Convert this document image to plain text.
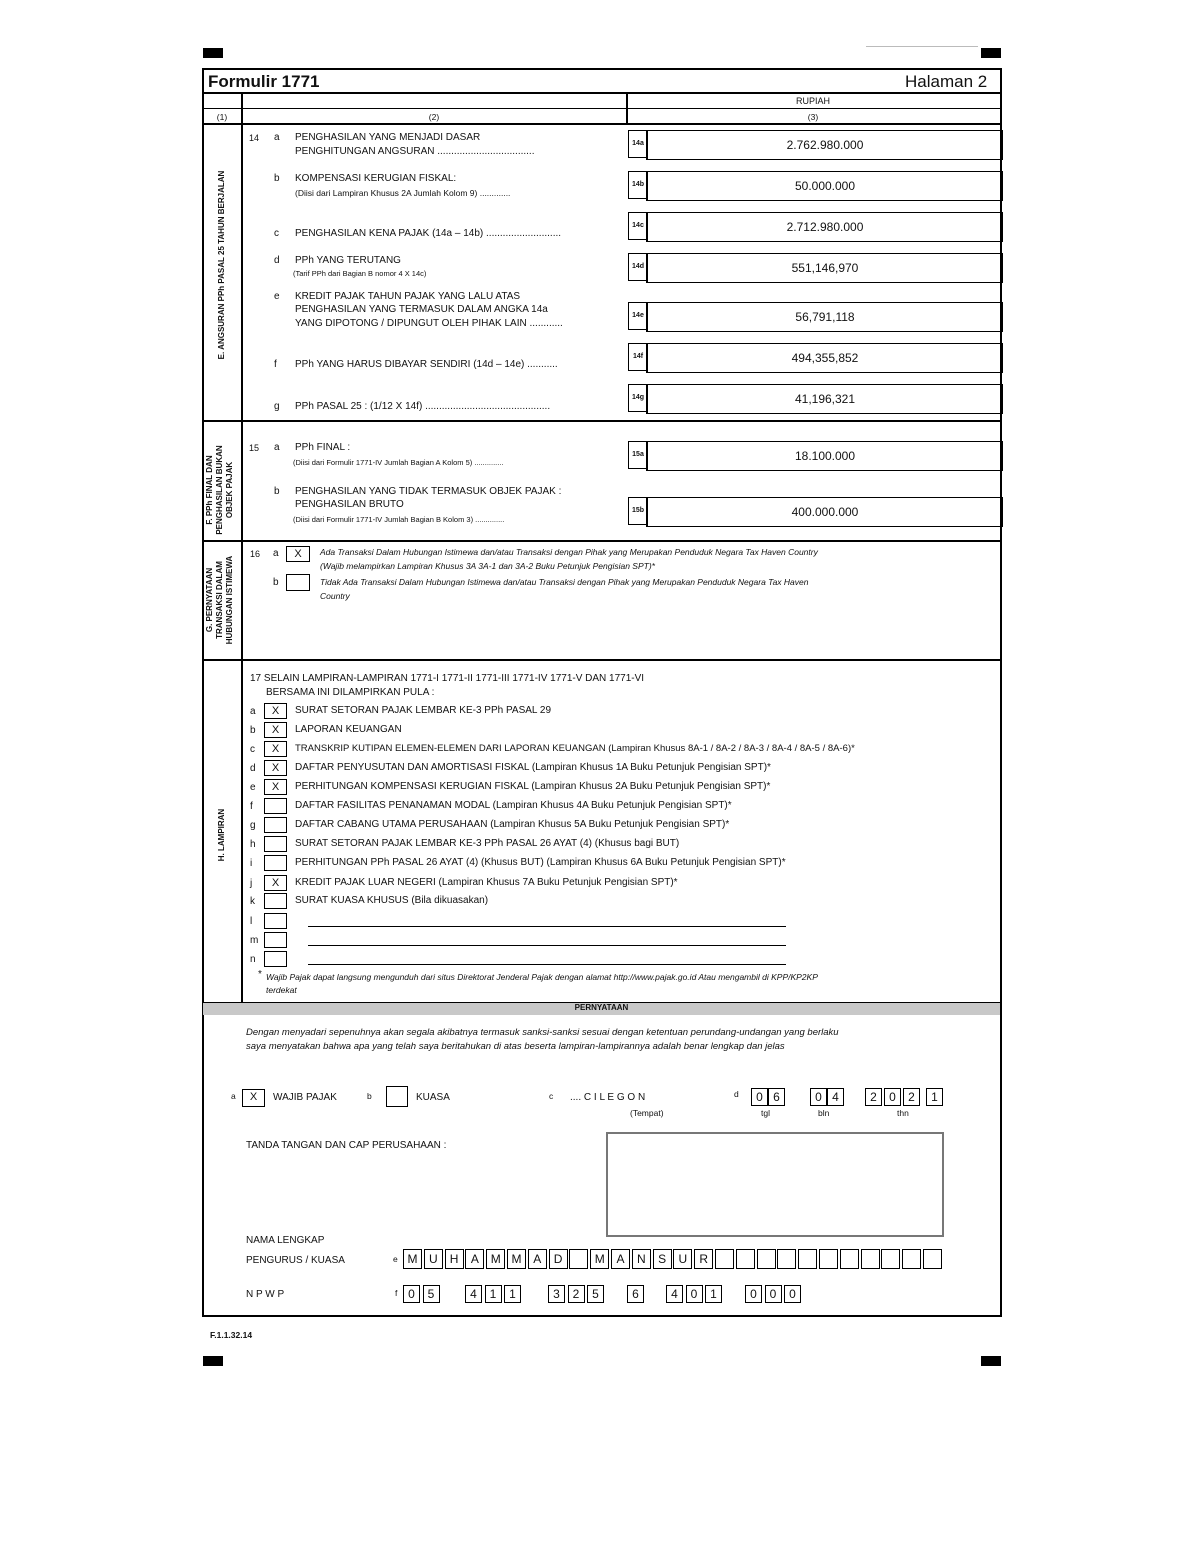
Formulir 1771	Halaman 2
RUPIAH
(1)	(2)	(3)
E. ANGSURAN PPh PASAL 25 TAHUN BERJALAN
14 a PENGHASILAN YANG MENJADI DASAR
PENGHITUNGAN ANGSURAN ...................................
14a	2.762.980.000
b KOMPENSASI KERUGIAN FISKAL:
(Diisi dari Lampiran Khusus 2A Jumlah Kolom 9) .............
14b	50.000.000
c PENGHASILAN KENA PAJAK (14a – 14b) ...........................
14c	2.712.980.000
d PPh YANG TERUTANG
(Tarif PPh dari Bagian B nomor 4 X 14c)
14d	551,146,970
e KREDIT PAJAK TAHUN PAJAK YANG LALU ATAS
PENGHASILAN YANG TERMASUK DALAM ANGKA 14a
YANG DIPOTONG / DIPUNGUT OLEH PIHAK LAIN ............
14e	56,791,118
f PPh YANG HARUS DIBAYAR SENDIRI (14d – 14e) ...........
14f	494,355,852
g PPh PASAL 25 : (1/12 X 14f) .............................................
14g	41,196,321
F. PPh FINAL DAN PENGHASILAN BUKAN OBJEK PAJAK
15 a PPh FINAL :
(Diisi dari Formulir 1771-IV Jumlah Bagian A Kolom 5) ..............
15a	18.100.000
b PENGHASILAN YANG TIDAK TERMASUK OBJEK PAJAK :
PENGHASILAN BRUTO
(Diisi dari Formulir 1771-IV Jumlah Bagian B Kolom 3) ..............
15b	400.000.000
G. PERNYATAAN TRANSAKSI DALAM HUBUNGAN ISTIMEWA
16 a	X	Ada Transaksi Dalam Hubungan Istimewa dan/atau Transaksi dengan Pihak yang Merupakan Penduduk Negara Tax Haven Country
(Wajib melampirkan Lampiran Khusus 3A 3A-1 dan 3A-2 Buku Petunjuk Pengisian SPT)*
b	Tidak Ada Transaksi Dalam Hubungan Istimewa dan/atau Transaksi dengan Pihak yang Merupakan Penduduk Negara Tax Haven
Country
H. LAMPIRAN
17 SELAIN LAMPIRAN-LAMPIRAN 1771-I 1771-II 1771-III 1771-IV 1771-V DAN 1771-VI
BERSAMA INI DILAMPIRKAN PULA :
a	X	SURAT SETORAN PAJAK LEMBAR KE-3 PPh PASAL 29
b	X	LAPORAN KEUANGAN
c	X	TRANSKRIP KUTIPAN ELEMEN-ELEMEN DARI LAPORAN KEUANGAN (Lampiran Khusus 8A-1 / 8A-2 / 8A-3 / 8A-4 / 8A-5 / 8A-6)*
d	X	DAFTAR PENYUSUTAN DAN AMORTISASI FISKAL (Lampiran Khusus 1A Buku Petunjuk Pengisian SPT)*
e	X	PERHITUNGAN KOMPENSASI KERUGIAN FISKAL (Lampiran Khusus 2A Buku Petunjuk Pengisian SPT)*
f	DAFTAR FASILITAS PENANAMAN MODAL (Lampiran Khusus 4A Buku Petunjuk Pengisian SPT)*
g	DAFTAR CABANG UTAMA PERUSAHAAN (Lampiran Khusus 5A Buku Petunjuk Pengisian SPT)*
h	SURAT SETORAN PAJAK LEMBAR KE-3 PPh PASAL 26 AYAT (4) (Khusus bagi BUT)
i	PERHITUNGAN PPh PASAL 26 AYAT (4) (Khusus BUT) (Lampiran Khusus 6A Buku Petunjuk Pengisian SPT)*
j	X	KREDIT PAJAK LUAR NEGERI (Lampiran Khusus 7A Buku Petunjuk Pengisian SPT)*
k	SURAT KUASA KHUSUS (Bila dikuasakan)
l
m
n
* Wajib Pajak dapat langsung mengunduh dari situs Direktorat Jenderal Pajak dengan alamat http://www.pajak.go.id Atau mengambil di KPP/KP2KP
terdekat
PERNYATAAN
Dengan menyadari sepenuhnya akan segala akibatnya termasuk sanksi-sanksi sesuai dengan ketentuan perundang-undangan yang berlaku
saya menyatakan bahwa apa yang telah saya beritahukan di atas beserta lampiran-lampirannya adalah benar lengkap dan jelas
a	X	WAJIB PAJAK	b	KUASA	c .... C I L E G O N
(Tempat)
d	0 6	0 4	2	0	2	1
tgl	bln	thn
TANDA TANGAN DAN CAP PERUSAHAAN :
NAMA LENGKAP
PENGURUS / KUASA	e M U	H	A M M A	D	M A	N	S	U	R
N P W P	f 0	5	4	1	1	3	2	5	6	4	0	1	0	0	0
F.1.1.32.14
